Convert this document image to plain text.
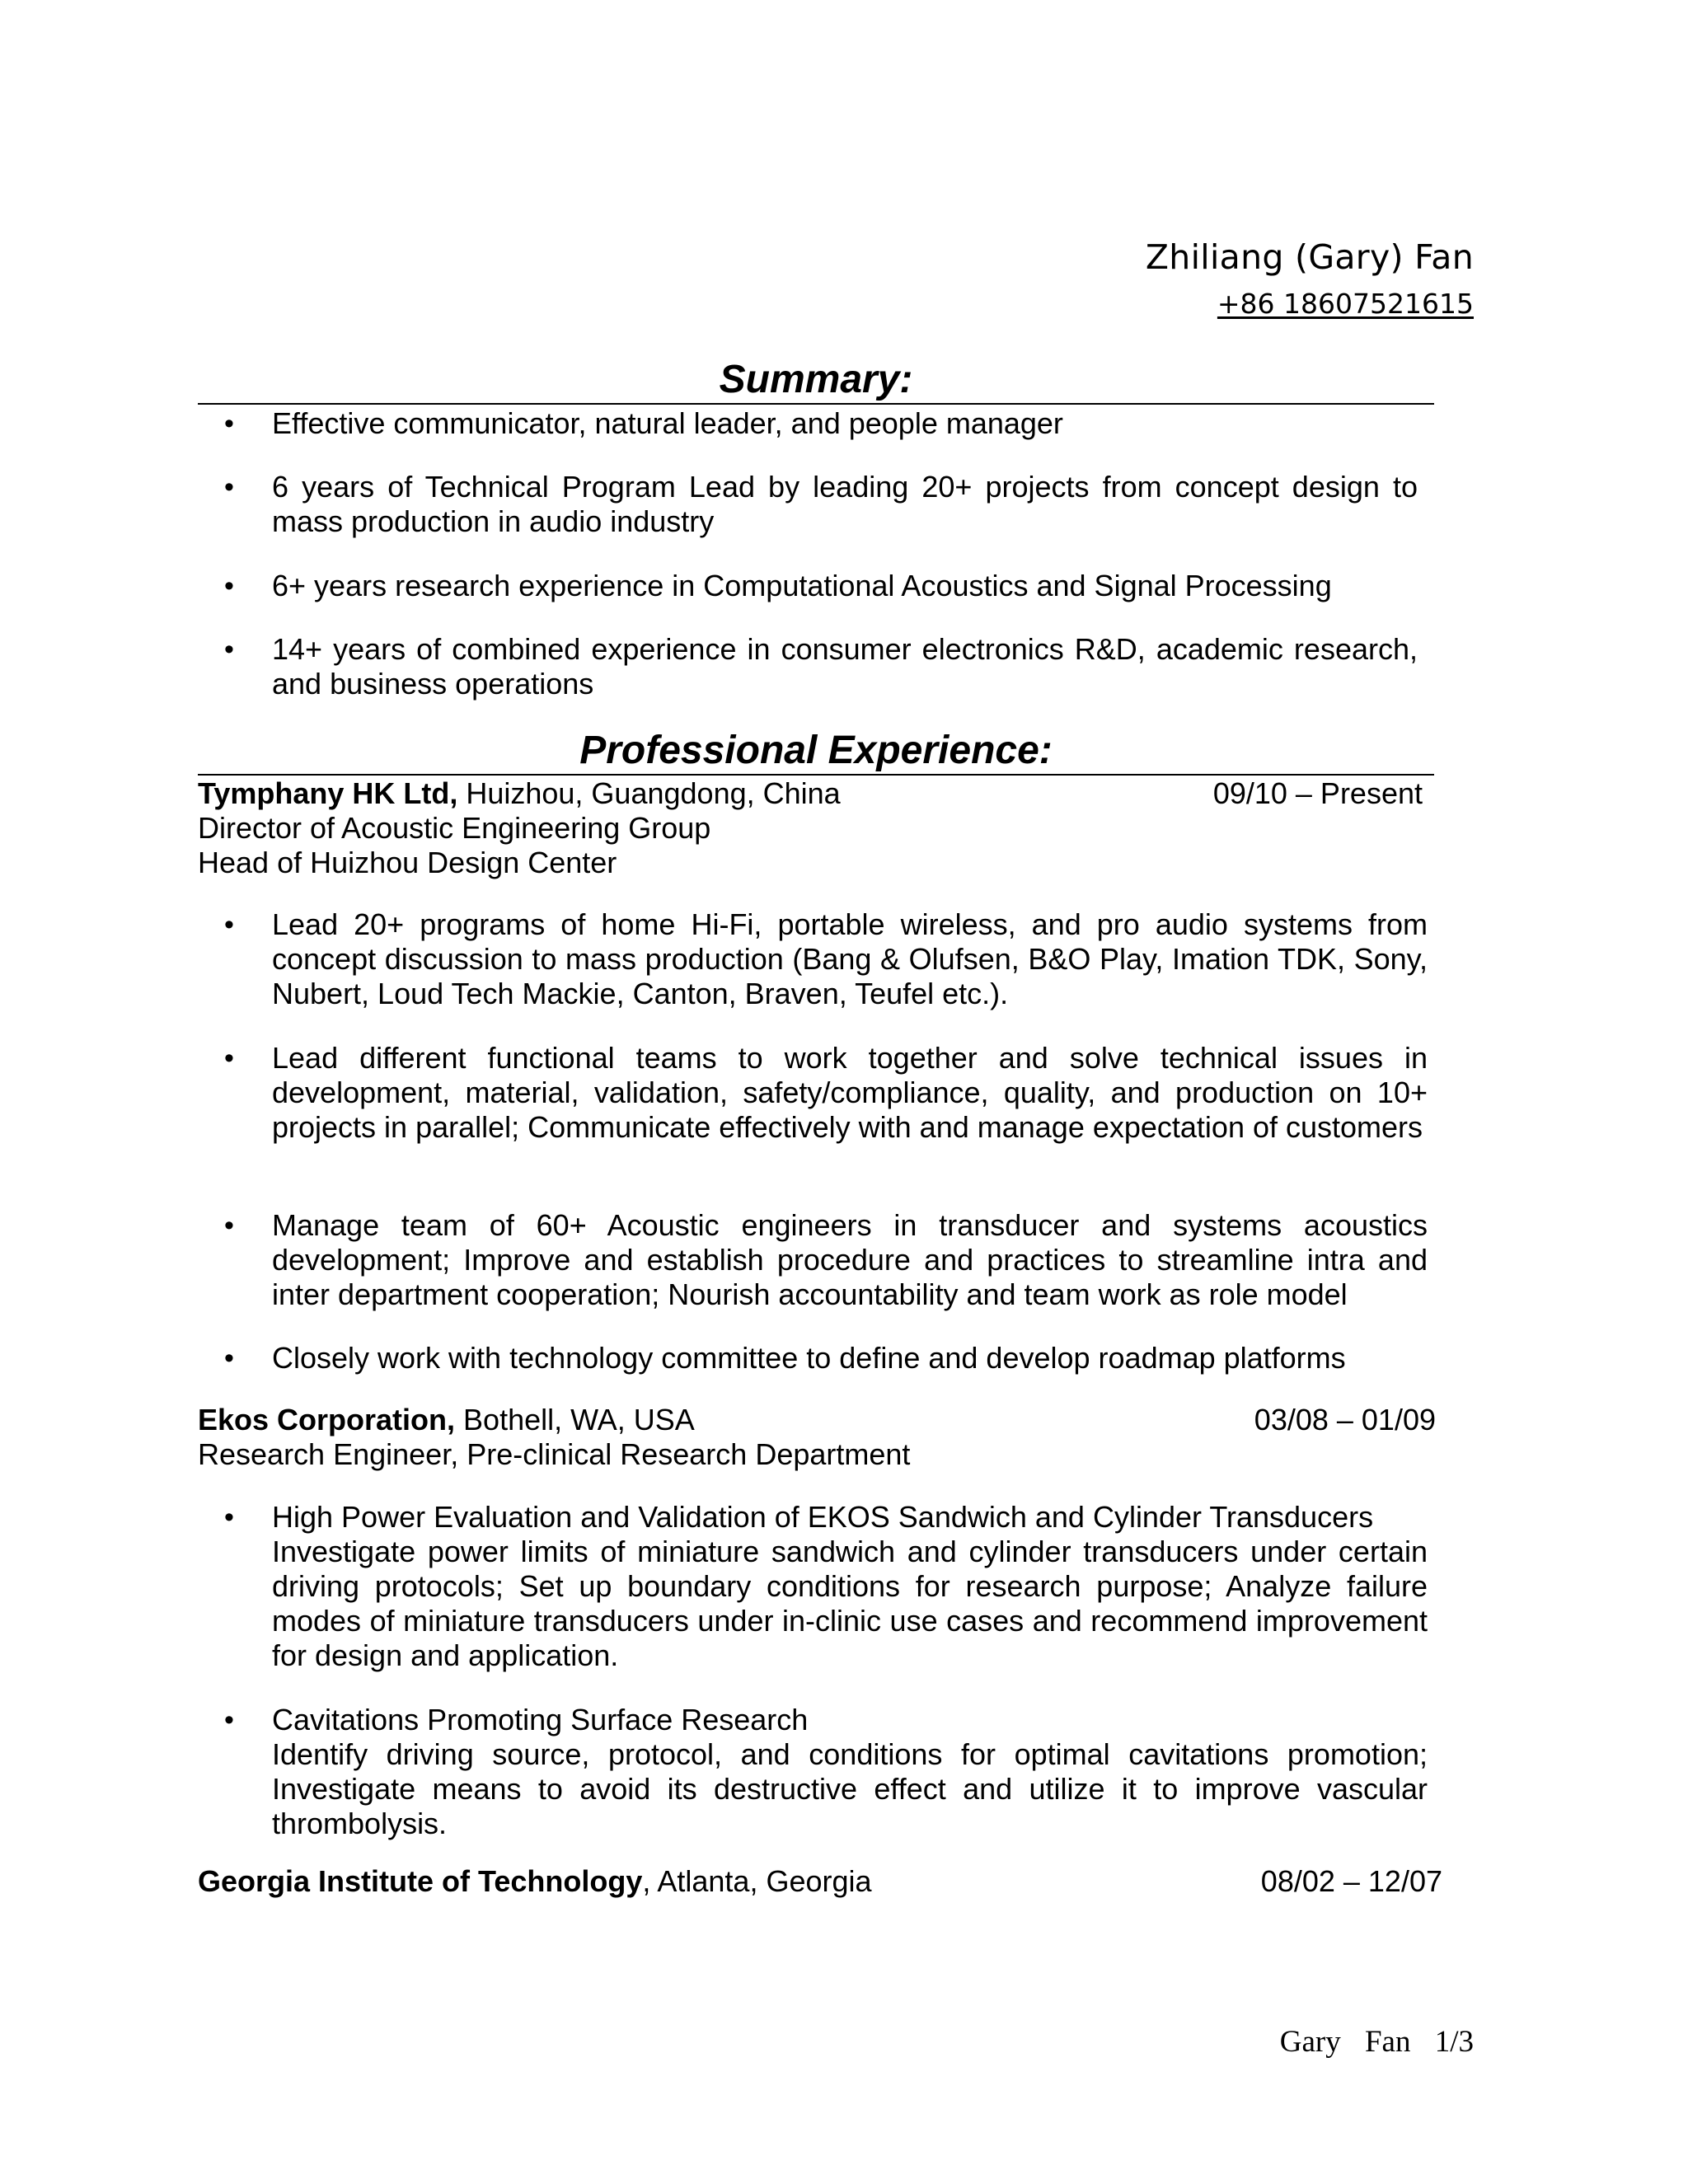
Zhiliang (Gary) Fan
+86 18607521615
Summary:
• Effective communicator, natural leader, and people manager
• 6 years of Technical Program Lead by leading 20+ projects from concept design to mass production in audio industry
• 6+ years research experience in Computational Acoustics and Signal Processing
• 14+ years of combined experience in consumer electronics R&D, academic research, and business operations
Professional Experience:
Tymphany HK Ltd, Huizhou, Guangdong, China	09/10 – Present
Director of Acoustic Engineering Group
Head of Huizhou Design Center
• Lead 20+ programs of home Hi-Fi, portable wireless, and pro audio systems from concept discussion to mass production (Bang & Olufsen, B&O Play, Imation TDK, Sony, Nubert, Loud Tech Mackie, Canton, Braven, Teufel etc.).
• Lead different functional teams to work together and solve technical issues in development, material, validation, safety/compliance, quality, and production on 10+ projects in parallel; Communicate effectively with and manage expectation of customers
• Manage team of 60+ Acoustic engineers in transducer and systems acoustics development; Improve and establish procedure and practices to streamline intra and inter department cooperation; Nourish accountability and team work as role model
• Closely work with technology committee to define and develop roadmap platforms
Ekos Corporation, Bothell, WA, USA	03/08 – 01/09
Research Engineer, Pre-clinical Research Department
• High Power Evaluation and Validation of EKOS Sandwich and Cylinder Transducers
Investigate power limits of miniature sandwich and cylinder transducers under certain driving protocols; Set up boundary conditions for research purpose; Analyze failure modes of miniature transducers under in-clinic use cases and recommend improvement for design and application.
• Cavitations Promoting Surface Research
Identify driving source, protocol, and conditions for optimal cavitations promotion; Investigate means to avoid its destructive effect and utilize it to improve vascular thrombolysis.
Georgia Institute of Technology, Atlanta, Georgia	08/02 – 12/07
Gary Fan 1/3
